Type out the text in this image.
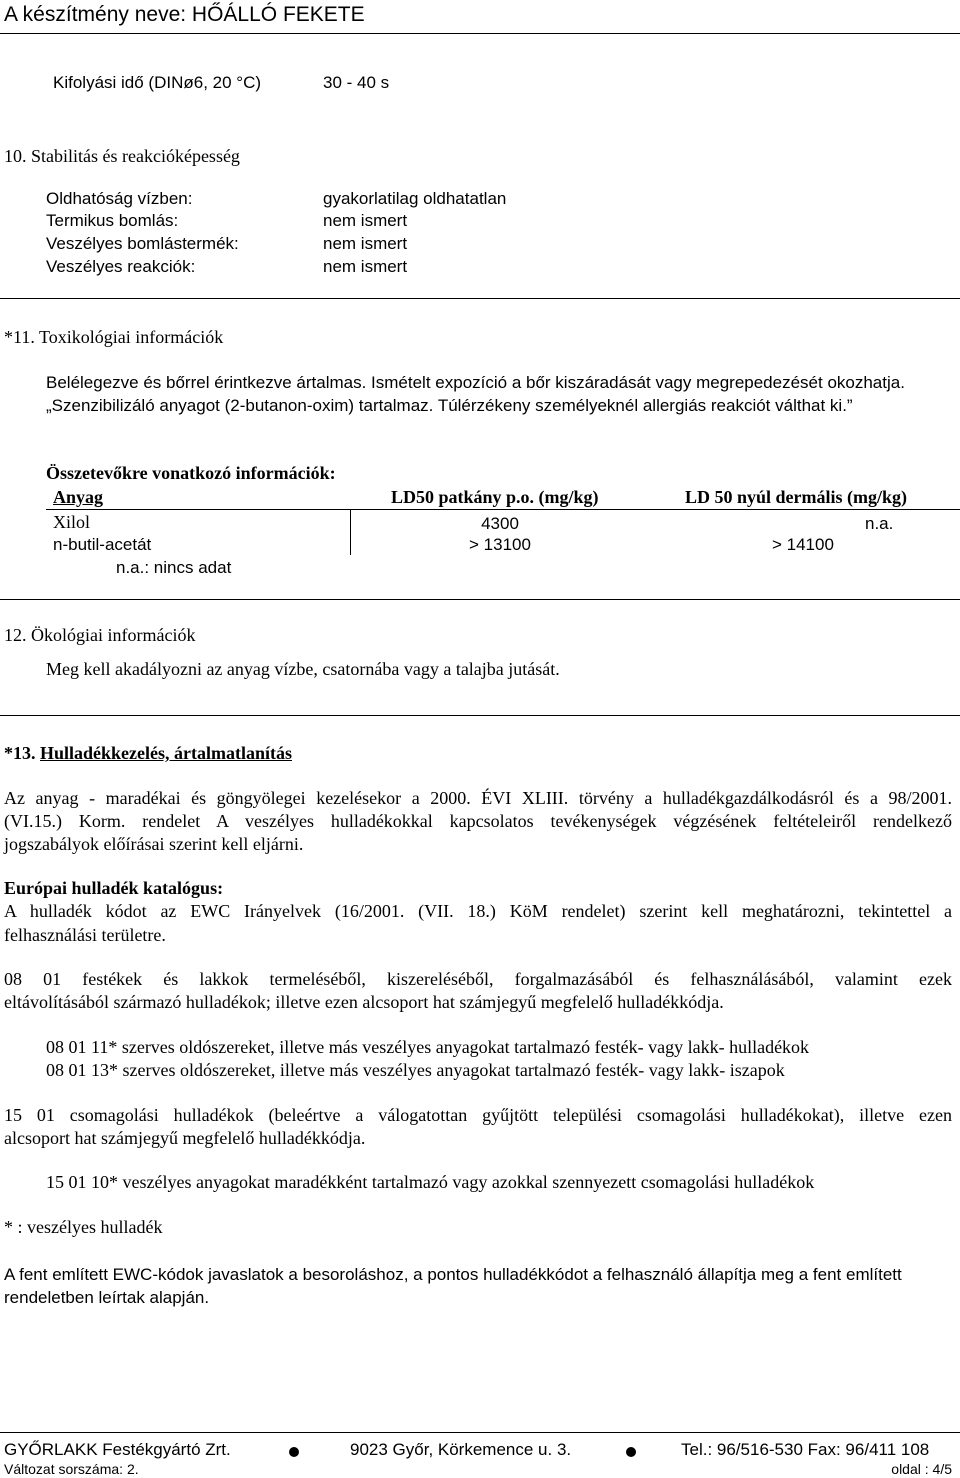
A készítmény neve: HŐÁLLÓ FEKETE
Kifolyási idő (DINø6, 20 °C)	30 - 40 s
10. Stabilitás és reakcióképesség
Oldhatóság vízben:	gyakorlatilag oldhatatlan
Termikus bomlás:	nem ismert
Veszélyes bomlástermék:	nem ismert
Veszélyes reakciók:	nem ismert
*11. Toxikológiai információk
Belélegezve és bőrrel érintkezve ártalmas. Ismételt expozíció a bőr kiszáradását vagy megrepedezését okozhatja.
„Szenzibilizáló anyagot (2-butanon-oxim) tartalmaz. Túlérzékeny személyeknél allergiás reakciót válthat ki.”
Összetevőkre vonatkozó információk:
Anyag	LD50 patkány p.o. (mg/kg)	LD 50 nyúl dermális (mg/kg)
Xilol	4300	n.a.
n-butil-acetát	> 13100	> 14100
n.a.: nincs adat
12. Ökológiai információk
Meg kell akadályozni az anyag vízbe, csatornába vagy a talajba jutását.
*13. Hulladékkezelés, ártalmatlanítás
Az anyag - maradékai és göngyölegei kezelésekor a 2000. ÉVI XLIII. törvény a hulladékgazdálkodásról és a 98/2001.
(VI.15.) Korm. rendelet A veszélyes hulladékokkal kapcsolatos tevékenységek végzésének feltételeiről rendelkező
jogszabályok előírásai szerint kell eljárni.
Európai hulladék katalógus:
A hulladék kódot az EWC Irányelvek (16/2001. (VII. 18.) KöM rendelet) szerint kell meghatározni, tekintettel a
felhasználási területre.
08 01 festékek és lakkok termeléséből, kiszereléséből, forgalmazásából és felhasználásából, valamint ezek
eltávolításából származó hulladékok; illetve ezen alcsoport hat számjegyű megfelelő hulladékkódja.
08 01 11* szerves oldószereket, illetve más veszélyes anyagokat tartalmazó festék- vagy lakk- hulladékok
08 01 13* szerves oldószereket, illetve más veszélyes anyagokat tartalmazó festék- vagy lakk- iszapok
15 01 csomagolási hulladékok (beleértve a válogatottan gyűjtött települési csomagolási hulladékokat), illetve ezen
alcsoport hat számjegyű megfelelő hulladékkódja.
15 01 10* veszélyes anyagokat maradékként tartalmazó vagy azokkal szennyezett csomagolási hulladékok
* : veszélyes hulladék
A fent említett EWC-kódok javaslatok a besoroláshoz, a pontos hulladékkódot a felhasználó állapítja meg a fent említett
rendeletben leírtak alapján.
GYŐRLAKK Festékgyártó Zrt.	9023 Győr, Körkemence u. 3.	Tel.: 96/516-530 Fax: 96/411 108
Változat sorszáma: 2.	oldal : 4/5
